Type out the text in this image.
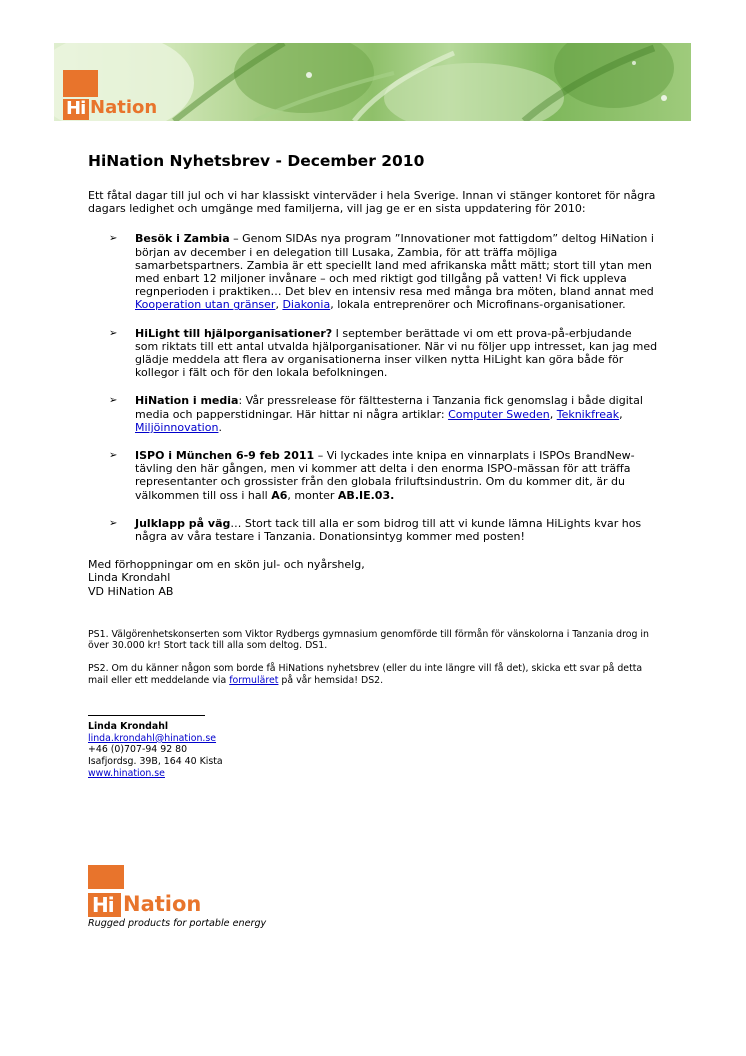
Hi Nation
HiNation Nyhetsbrev - December 2010

Ett fåtal dagar till jul och vi har klassiskt vinterväder i hela Sverige. Innan vi stänger kontoret för några dagars ledighet och umgänge med familjerna, vill jag ge er en sista uppdatering för 2010:

➢ Besök i Zambia – Genom SIDAs nya program ”Innovationer mot fattigdom” deltog HiNation i början av december i en delegation till Lusaka, Zambia, för att träffa möjliga samarbetspartners. Zambia är ett speciellt land med afrikanska mått mätt; stort till ytan men med enbart 12 miljoner invånare – och med riktigt god tillgång på vatten! Vi fick uppleva regnperioden i praktiken… Det blev en intensiv resa med många bra möten, bland annat med Kooperation utan gränser, Diakonia, lokala entreprenörer och Microfinans-organisationer.
➢ HiLight till hjälporganisationer? I september berättade vi om ett prova-på-erbjudande som riktats till ett antal utvalda hjälporganisationer. När vi nu följer upp intresset, kan jag med glädje meddela att flera av organisationerna inser vilken nytta HiLight kan göra både för kollegor i fält och för den lokala befolkningen.
➢ HiNation i media: Vår pressrelease för fälttesterna i Tanzania fick genomslag i både digital media och papperstidningar. Här hittar ni några artiklar: Computer Sweden, Teknikfreak, Miljöinnovation.
➢ ISPO i München 6-9 feb 2011 – Vi lyckades inte knipa en vinnarplats i ISPOs BrandNew-tävling den här gången, men vi kommer att delta i den enorma ISPO-mässan för att träffa representanter och grossister från den globala friluftsindustrin. Om du kommer dit, är du välkommen till oss i hall A6, monter AB.IE.03.
➢ Julklapp på väg… Stort tack till alla er som bidrog till att vi kunde lämna HiLights kvar hos några av våra testare i Tanzania. Donationsintyg kommer med posten!

Med förhoppningar om en skön jul- och nyårshelg,

Linda Krondahl

VD HiNation AB

PS1. Välgörenhetskonserten som Viktor Rydbergs gymnasium genomförde till förmån för vänskolorna i Tanzania drog in över 30.000 kr! Stort tack till alla som deltog. DS1.

PS2. Om du känner någon som borde få HiNations nyhetsbrev (eller du inte längre vill få det), skicka ett svar på detta mail eller ett meddelande via formuläret på vår hemsida! DS2.

Linda Krondahl

linda.krondahl@hination.se

+46 (0)707-94 92 80

Isafjordsg. 39B, 164 40 Kista

www.hination.se

Hi Nation
Rugged products for portable energy
